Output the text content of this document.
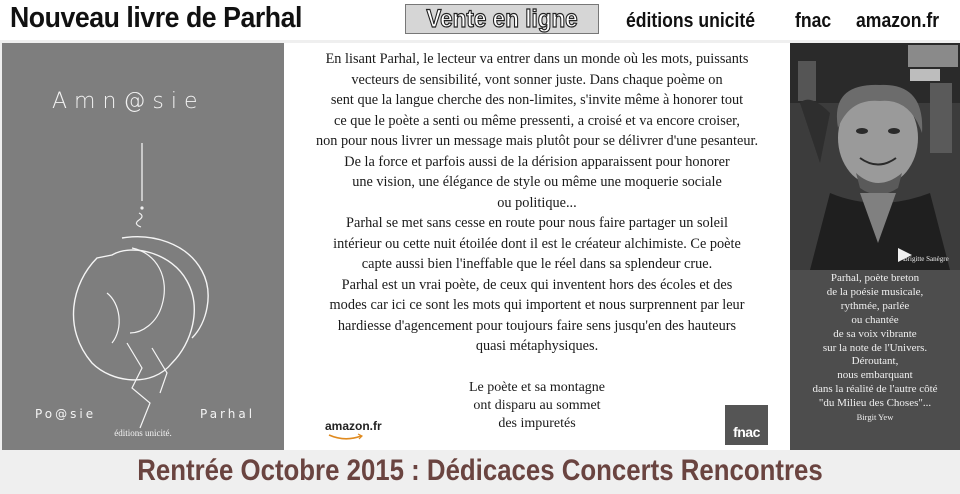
Nouveau livre de Parhal	Vente en ligne éditions unicité fnac amazon.fr
Amn@sie
Po@sie	Parhal
éditions unicité.
En lisant Parhal, le lecteur va entrer dans un monde où les mots, puissants
vecteurs de sensibilité, vont sonner juste. Dans chaque poème on
sent que la langue cherche des non-limites, s'invite même à honorer tout
ce que le poète a senti ou même pressenti, a croisé et va encore croiser,
non pour nous livrer un message mais plutôt pour se délivrer d'une pesanteur.
De la force et parfois aussi de la dérision apparaissent pour honorer
une vision, une élégance de style ou même une moquerie sociale
ou politique...
Parhal se met sans cesse en route pour nous faire partager un soleil
intérieur ou cette nuit étoilée dont il est le créateur alchimiste. Ce poète
capte aussi bien l'ineffable que le réel dans sa splendeur crue.
Parhal est un vrai poète, de ceux qui inventent hors des écoles et des
modes car ici ce sont les mots qui importent et nous surprennent par leur
hardiesse d'agencement pour toujours faire sens jusqu'en des hauteurs
quasi métaphysiques.
Le poète et sa montagne
ont disparu au sommet
des impuretés
amazon.fr	fnac
Brigitte Sanègre
Parhal, poète breton
de la poésie musicale,
rythmée, parlée
ou chantée
de sa voix vibrante
sur la note de l'Univers.
Déroutant,
nous embarquant
dans la réalité de l'autre côté
"du Milieu des Choses"...
Birgit Yew
Rentrée Octobre 2015 : Dédicaces Concerts Rencontres
